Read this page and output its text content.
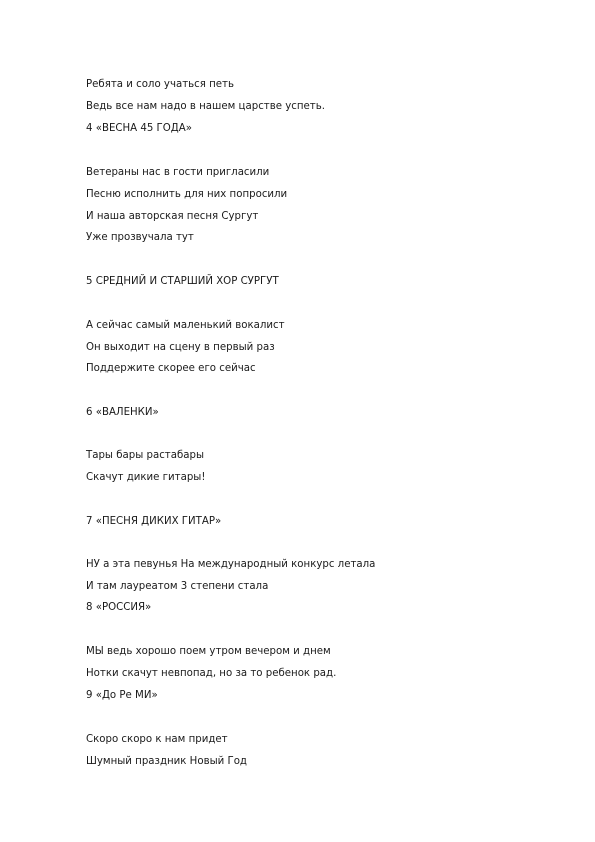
Ребята и соло учаться петь
Ведь все нам надо в нашем царстве успеть.
4 «ВЕСНА 45 ГОДА»
Ветераны нас в гости пригласили
Песню исполнить для них попросили
И наша авторская песня Сургут
Уже прозвучала тут
5 СРЕДНИЙ И СТАРШИЙ ХОР СУРГУТ
А сейчас самый маленький вокалист
Он выходит на сцену в первый раз
Поддержите скорее его сейчас
6 «ВАЛЕНКИ»
Тары бары растабары
Скачут дикие гитары!
7 «ПЕСНЯ ДИКИХ ГИТАР»
НУ а эта певунья На международный конкурс летала
И там лауреатом 3 степени стала
8 «РОССИЯ»
МЫ ведь хорошо поем утром вечером и днем
Нотки скачут невпопад, но за то ребенок рад.
9 «До Ре МИ»
Скоро скоро к нам придет
Шумный праздник Новый Год
